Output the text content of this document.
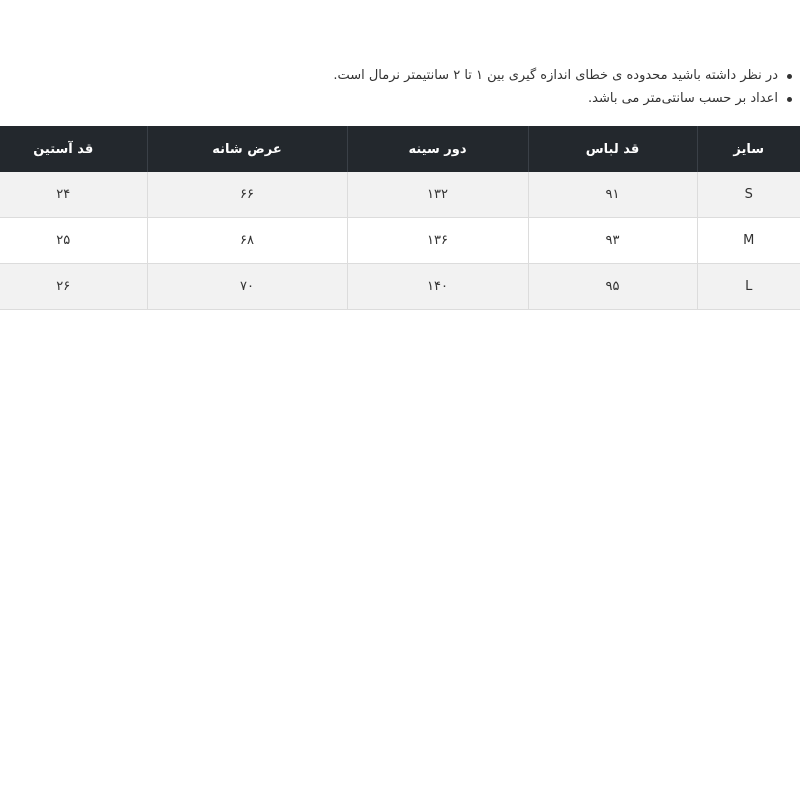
در نظر داشته باشید محدوده ی خطای اندازه گیری بین ۱ تا ۲ سانتیمتر نرمال است.
اعداد بر حسب سانتی‌متر می باشد.
سایز	قد لباس	دور سینه	عرض شانه	قد آستین
S	۹۱	۱۳۲	۶۶	۲۴
M	۹۳	۱۳۶	۶۸	۲۵
L	۹۵	۱۴۰	۷۰	۲۶
